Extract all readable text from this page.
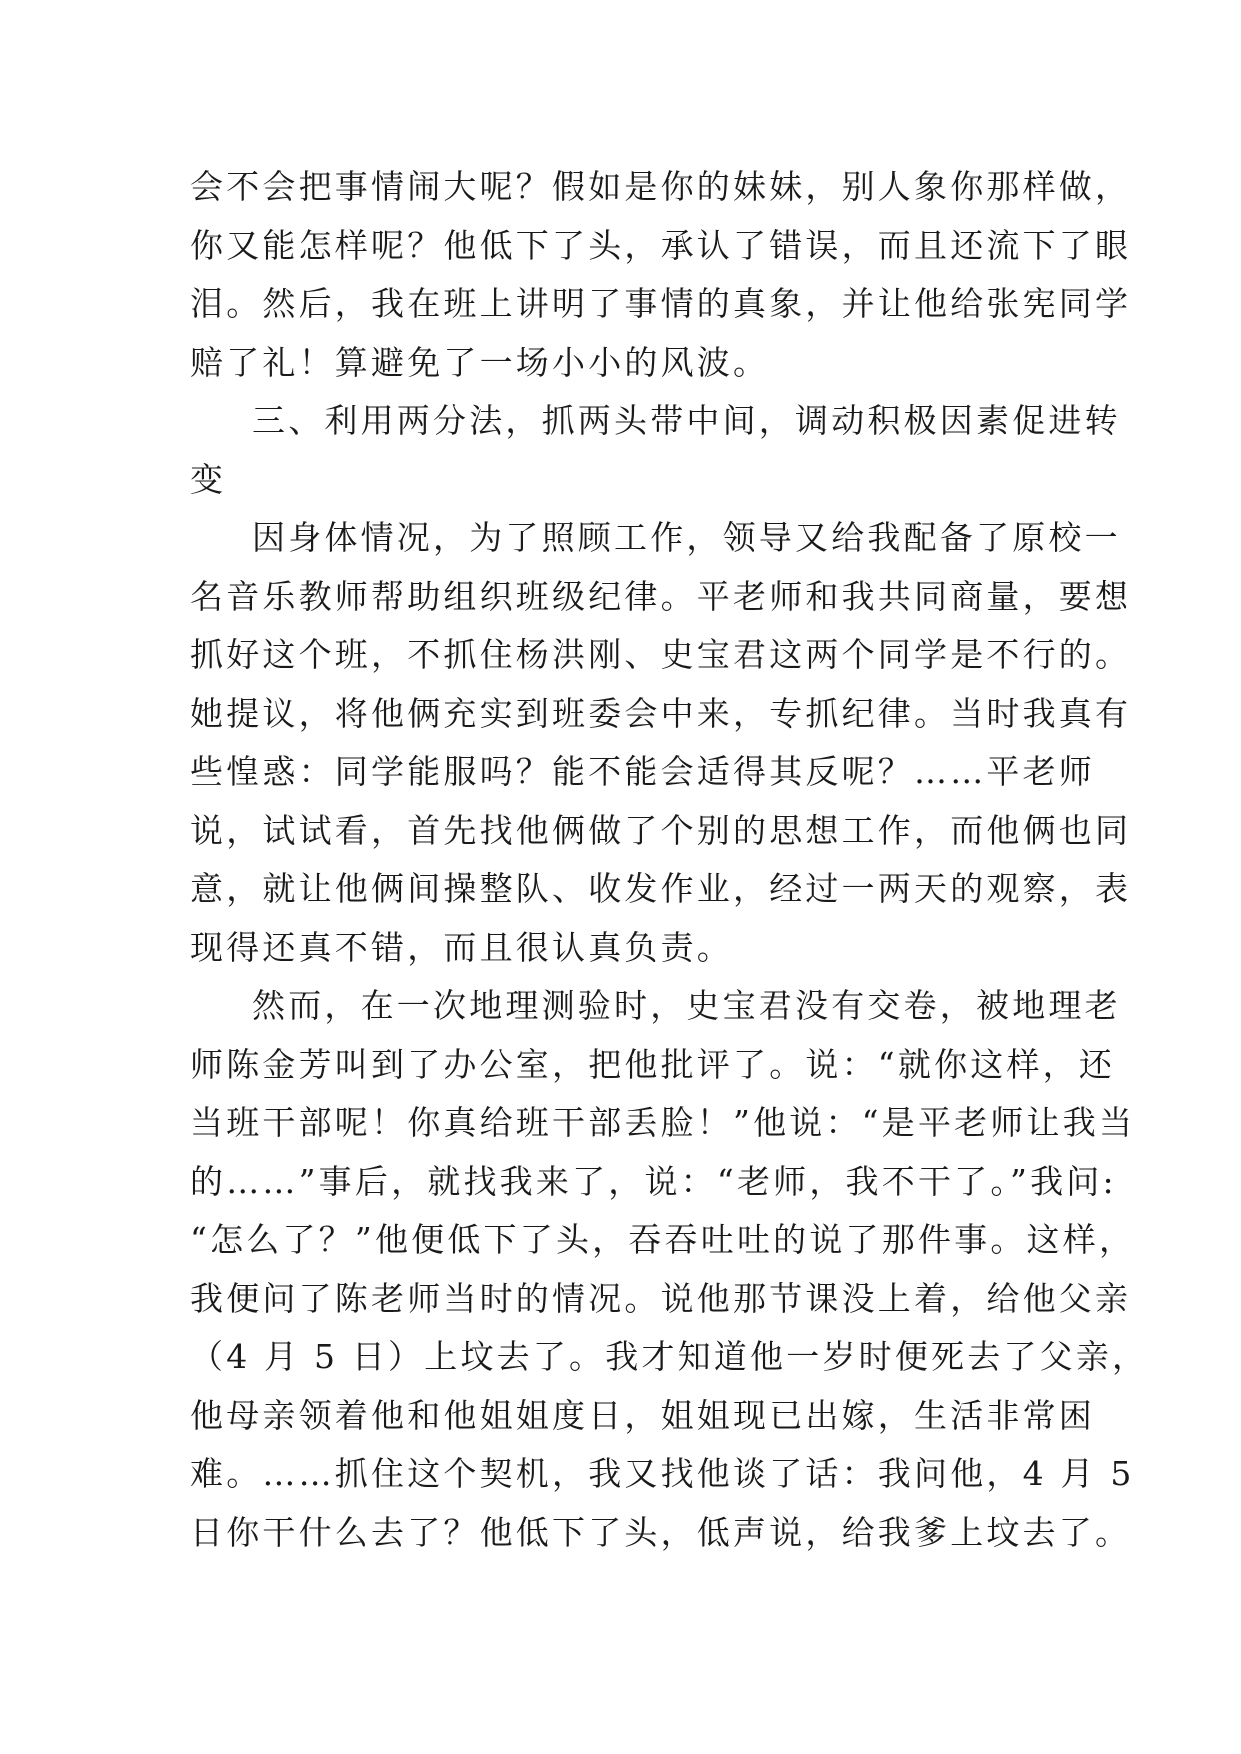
会不会把事情闹大呢？假如是你的妹妹，别人象你那样做，
你又能怎样呢？他低下了头，承认了错误，而且还流下了眼
泪。然后，我在班上讲明了事情的真象，并让他给张宪同学
赔了礼！算避免了一场小小的风波。
三、利用两分法，抓两头带中间，调动积极因素促进转
变
因身体情况，为了照顾工作，领导又给我配备了原校一
名音乐教师帮助组织班级纪律。平老师和我共同商量，要想
抓好这个班，不抓住杨洪刚、史宝君这两个同学是不行的。
她提议，将他俩充实到班委会中来，专抓纪律。当时我真有
些惶惑：同学能服吗？能不能会适得其反呢？……平老师
说，试试看，首先找他俩做了个别的思想工作，而他俩也同
意，就让他俩间操整队、收发作业，经过一两天的观察，表
现得还真不错，而且很认真负责。
然而，在一次地理测验时，史宝君没有交卷，被地理老
师陈金芳叫到了办公室，把他批评了。说：“就你这样，还
当班干部呢！你真给班干部丢脸！”他说：“是平老师让我当
的……”事后，就找我来了，说：“老师，我不干了。”我问:
“怎么了？”他便低下了头，吞吞吐吐的说了那件事。这样，
我便问了陈老师当时的情况。说他那节课没上着，给他父亲
（4 月 5 日）上坟去了。我才知道他一岁时便死去了父亲，
他母亲领着他和他姐姐度日，姐姐现已出嫁，生活非常困
难。……抓住这个契机，我又找他谈了话：我问他，4 月 5
日你干什么去了？他低下了头，低声说，给我爹上坟去了。
